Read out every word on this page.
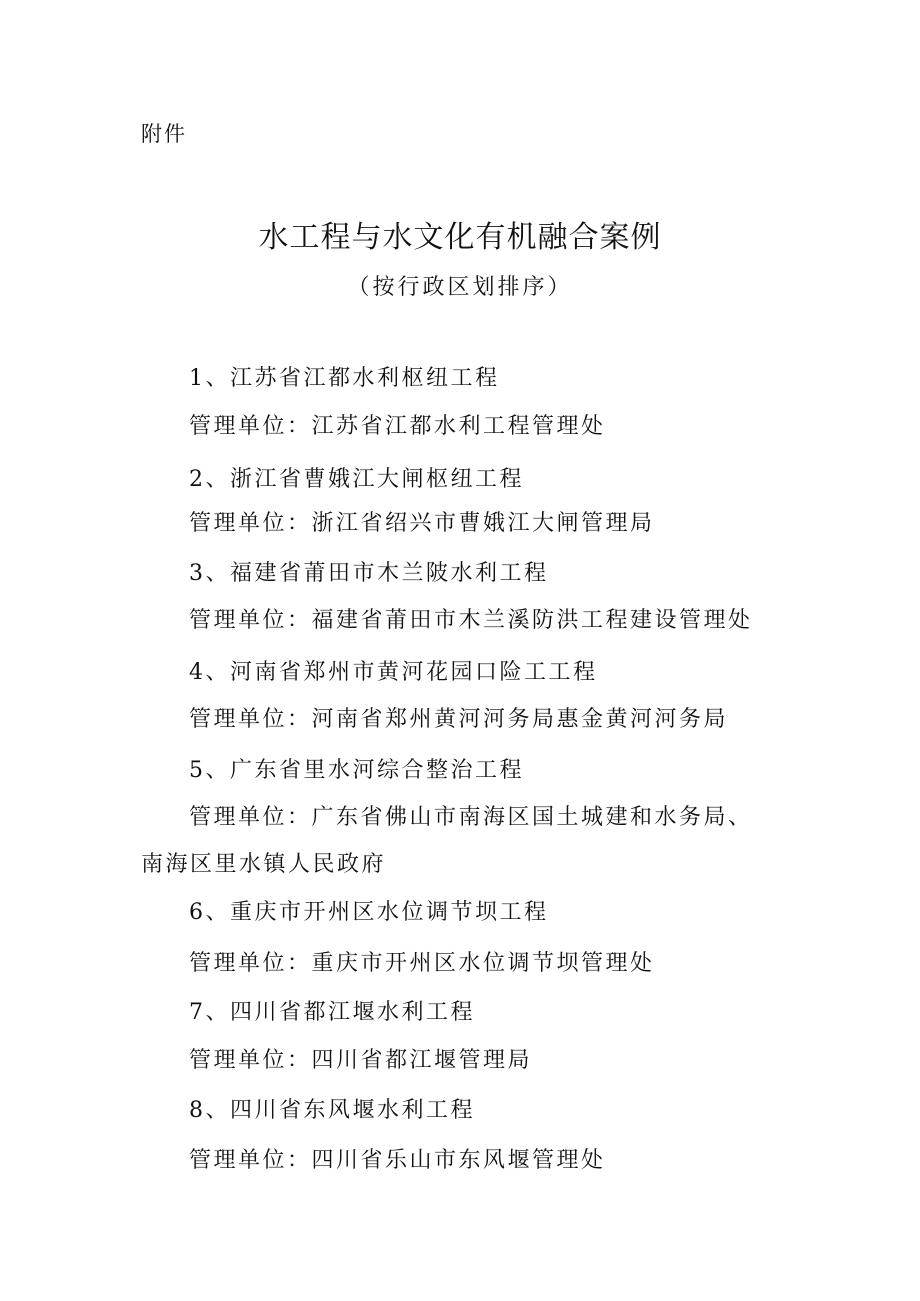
附件
水工程与水文化有机融合案例
（按行政区划排序）
1、江苏省江都水利枢纽工程
管理单位：江苏省江都水利工程管理处
2、浙江省曹娥江大闸枢纽工程
管理单位：浙江省绍兴市曹娥江大闸管理局
3、福建省莆田市木兰陂水利工程
管理单位：福建省莆田市木兰溪防洪工程建设管理处
4、河南省郑州市黄河花园口险工工程
管理单位：河南省郑州黄河河务局惠金黄河河务局
5、广东省里水河综合整治工程
管理单位：广东省佛山市南海区国土城建和水务局、
南海区里水镇人民政府
6、重庆市开州区水位调节坝工程
管理单位：重庆市开州区水位调节坝管理处
7、四川省都江堰水利工程
管理单位：四川省都江堰管理局
8、四川省东风堰水利工程
管理单位：四川省乐山市东风堰管理处
